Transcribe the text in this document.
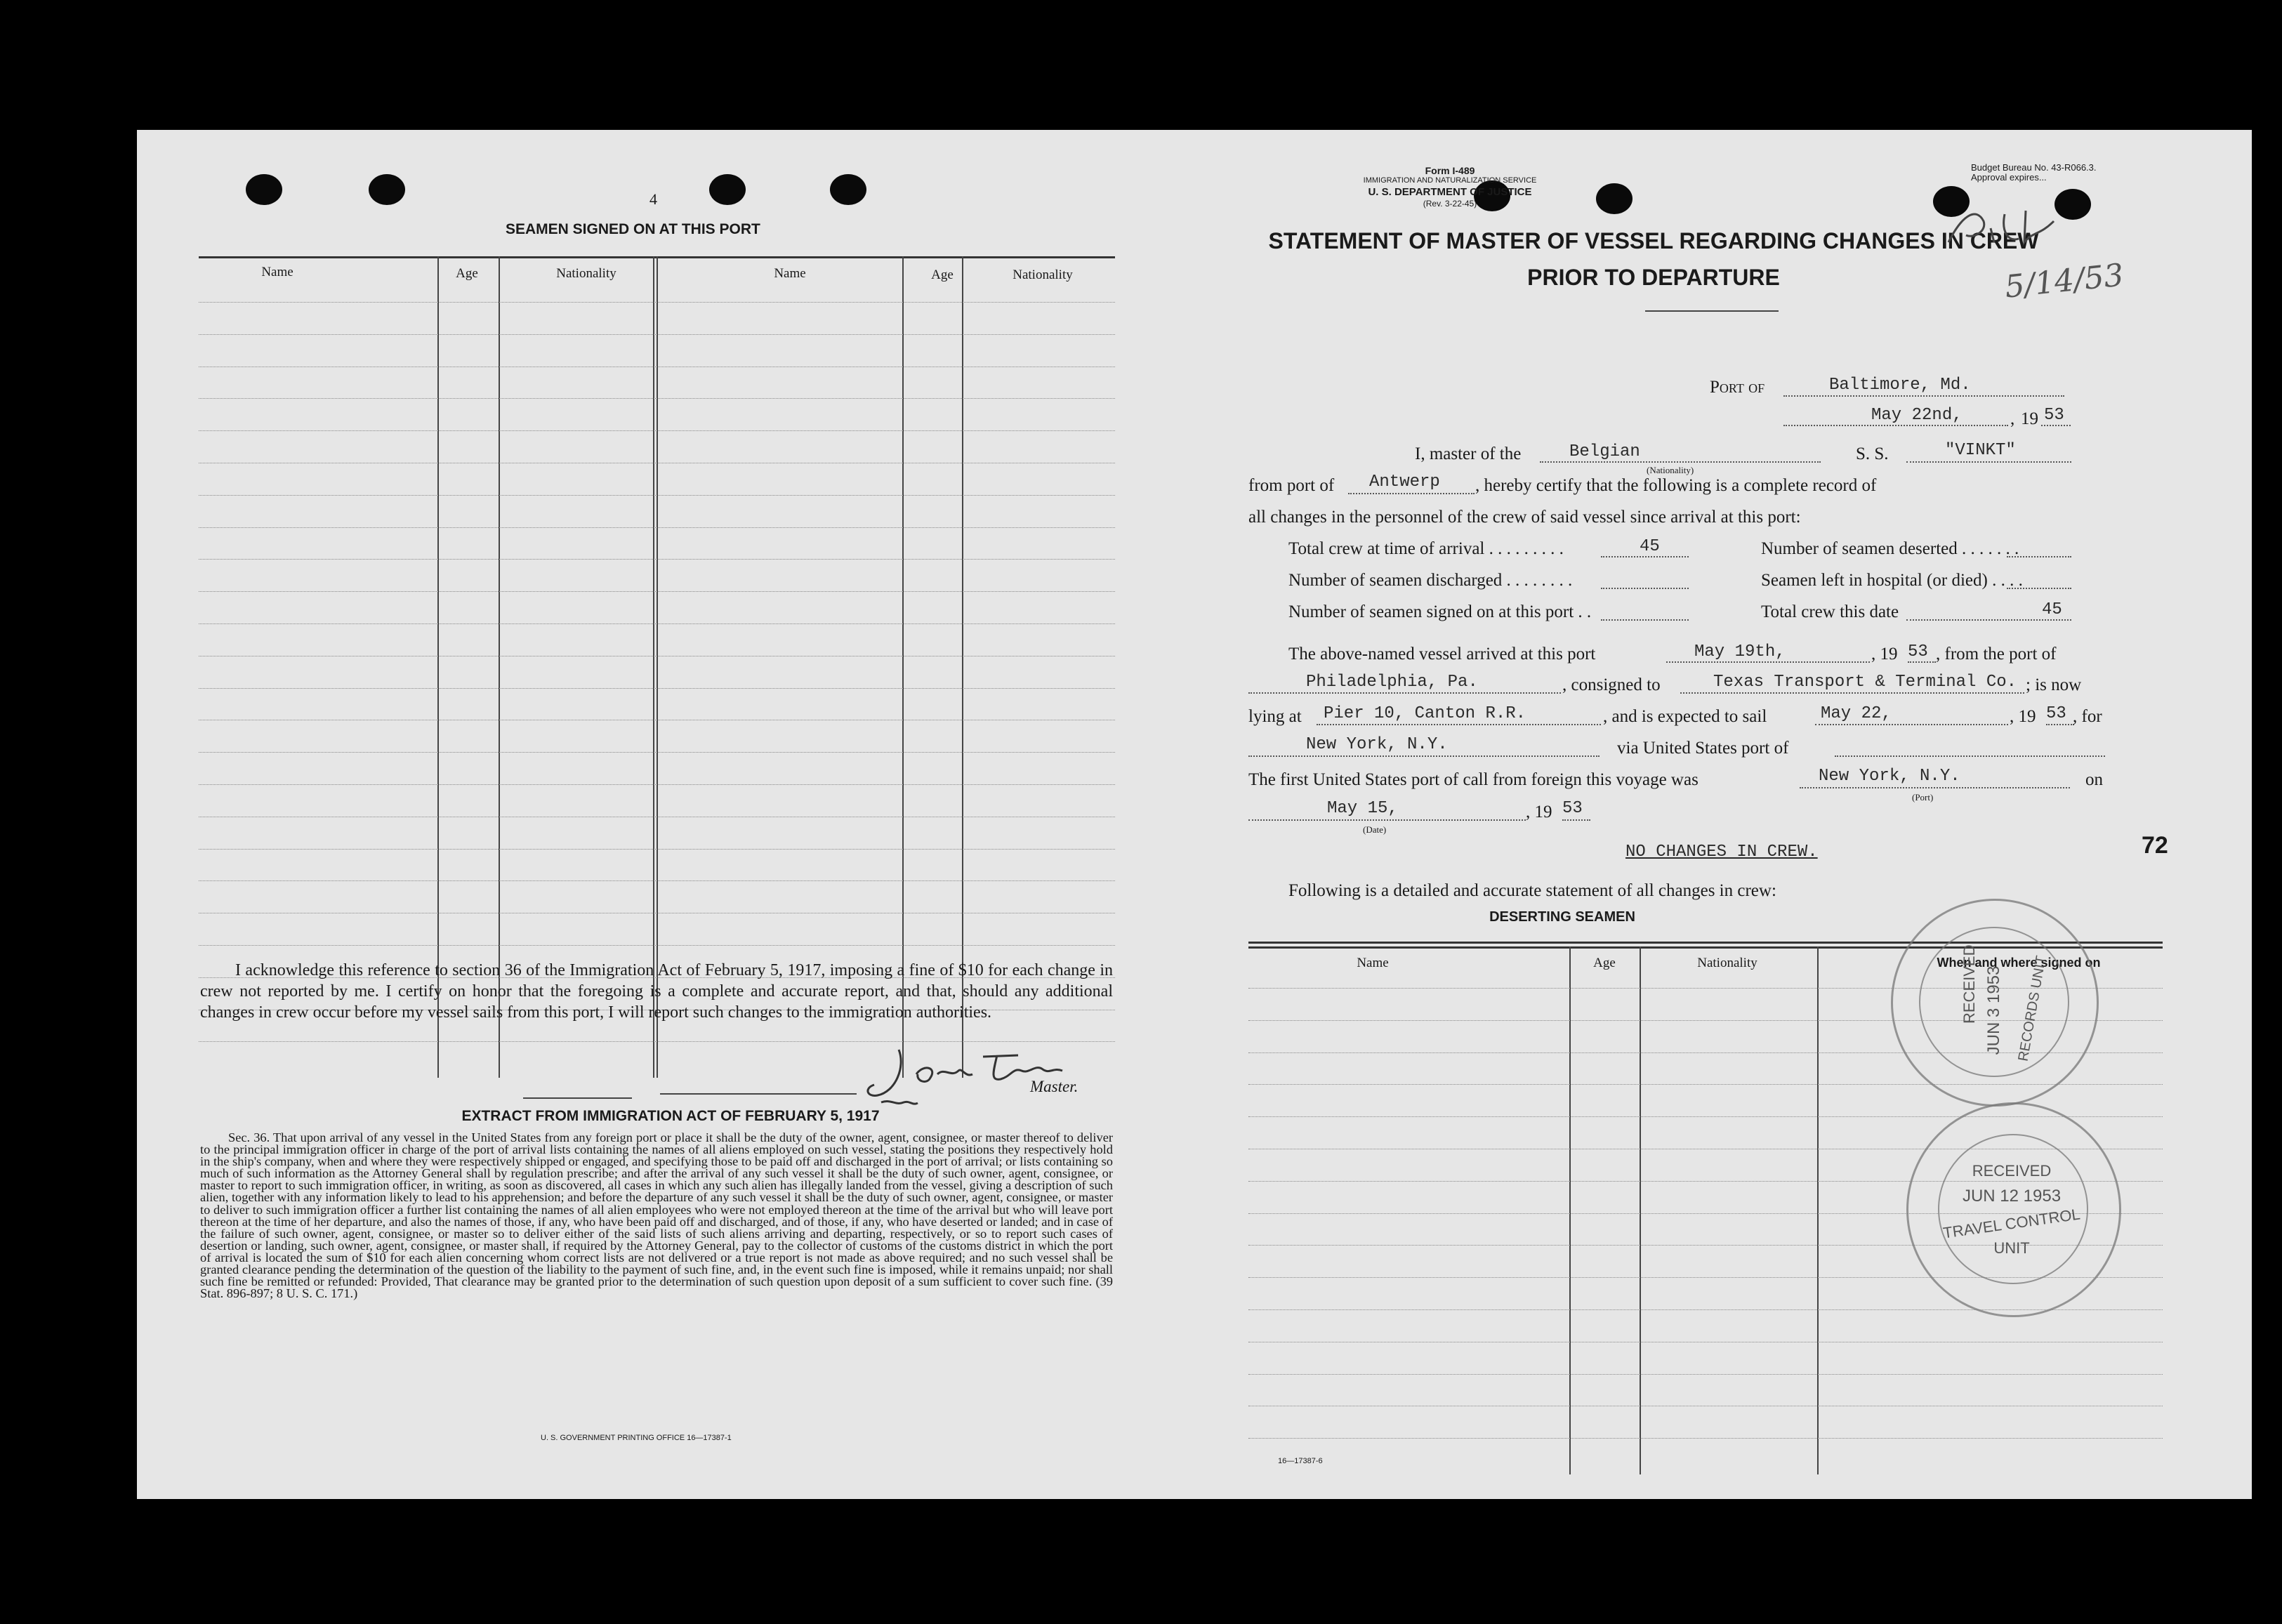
4
SEAMEN SIGNED ON AT THIS PORT
Name	Age	Nationality	Name	Age	Nationality
I acknowledge this reference to section 36 of the Immigration Act of February 5, 1917, imposing a fine of $10 for each change in crew not reported by me. I certify on honor that the foregoing is a complete and accurate report, and that, should any additional changes in crew occur before my vessel sails from this port, I will report such changes to the immigration authorities.
Master.
EXTRACT FROM IMMIGRATION ACT OF FEBRUARY 5, 1917
Sec. 36. That upon arrival of any vessel in the United States from any foreign port or place it shall be the duty of the owner, agent, consignee, or master thereof to deliver to the principal immigration officer in charge of the port of arrival lists containing the names of all aliens employed on such vessel, stating the positions they respectively hold in the ship's company, when and where they were respectively shipped or engaged, and specifying those to be paid off and discharged in the port of arrival; or lists containing so much of such information as the Attorney General shall by regulation prescribe; and after the arrival of any such vessel it shall be the duty of such owner, agent, consignee, or master to report to such immigration officer, in writing, as soon as discovered, all cases in which any such alien has illegally landed from the vessel, giving a description of such alien, together with any information likely to lead to his apprehension; and before the departure of any such vessel it shall be the duty of such owner, agent, consignee, or master to deliver to such immigration officer a further list containing the names of all alien employees who were not employed thereon at the time of the arrival but who will leave port thereon at the time of her departure, and also the names of those, if any, who have been paid off and discharged, and of those, if any, who have deserted or landed; and in case of the failure of such owner, agent, consignee, or master so to deliver either of the said lists of such aliens arriving and departing, respectively, or so to report such cases of desertion or landing, such owner, agent, consignee, or master shall, if required by the Attorney General, pay to the collector of customs of the customs district in which the port of arrival is located the sum of $10 for each alien concerning whom correct lists are not delivered or a true report is not made as above required; and no such vessel shall be granted clearance pending the determination of the question of the liability to the payment of such fine, and, in the event such fine is imposed, while it remains unpaid; nor shall such fine be remitted or refunded: Provided, That clearance may be granted prior to the determination of such question upon deposit of a sum sufficient to cover such fine. (39 Stat. 896-897; 8 U. S. C. 171.)
U. S. GOVERNMENT PRINTING OFFICE 16—17387-1
Form I-489
IMMIGRATION AND NATURALIZATION SERVICE
U. S. DEPARTMENT OF JUSTICE
(Rev. 3-22-45)
Budget Bureau No. 43-R066.3.
Approval expires...
STATEMENT OF MASTER OF VESSEL REGARDING CHANGES IN CREW
PRIOR TO DEPARTURE	5/14/53
Port of	Baltimore, Md.
May 22nd,	, 19 53
I, master of the	Belgian
(Nationality)
S. S.	"VINKT"
from port of Antwerp , hereby certify that the following is a complete record of
all changes in the personnel of the crew of said vessel since arrival at this port:
Total crew at time of arrival . . . . . . . . .	45	Number of seamen deserted . . . . . . .
Number of seamen discharged . . . . . . . .	Seamen left in hospital (or died) . . . .
Number of seamen signed on at this port . .	Total crew this date	45
The above-named vessel arrived at this port	May 19th,	, 19 53 , from the port of
Philadelphia, Pa.	, consigned to	Texas Transport & Terminal Co. ; is now
lying at Pier 10, Canton R.R.	, and is expected to sail	May 22,	, 19 53 , for
New York, N.Y.	via United States port of
The first United States port of call from foreign this voyage was	New York, N.Y.
(Port)
on
May 15,
(Date)
, 19 53
NO CHANGES IN CREW.	72
Following is a detailed and accurate statement of all changes in crew:
DESERTING SEAMEN
Name	Age	Nationality	When and where signed on
RECEIVED JUN 3 1953 RECORDS UNIT
RECEIVED
JUN 12 1953
TRAVEL CONTROL
UNIT
16—17387-6
